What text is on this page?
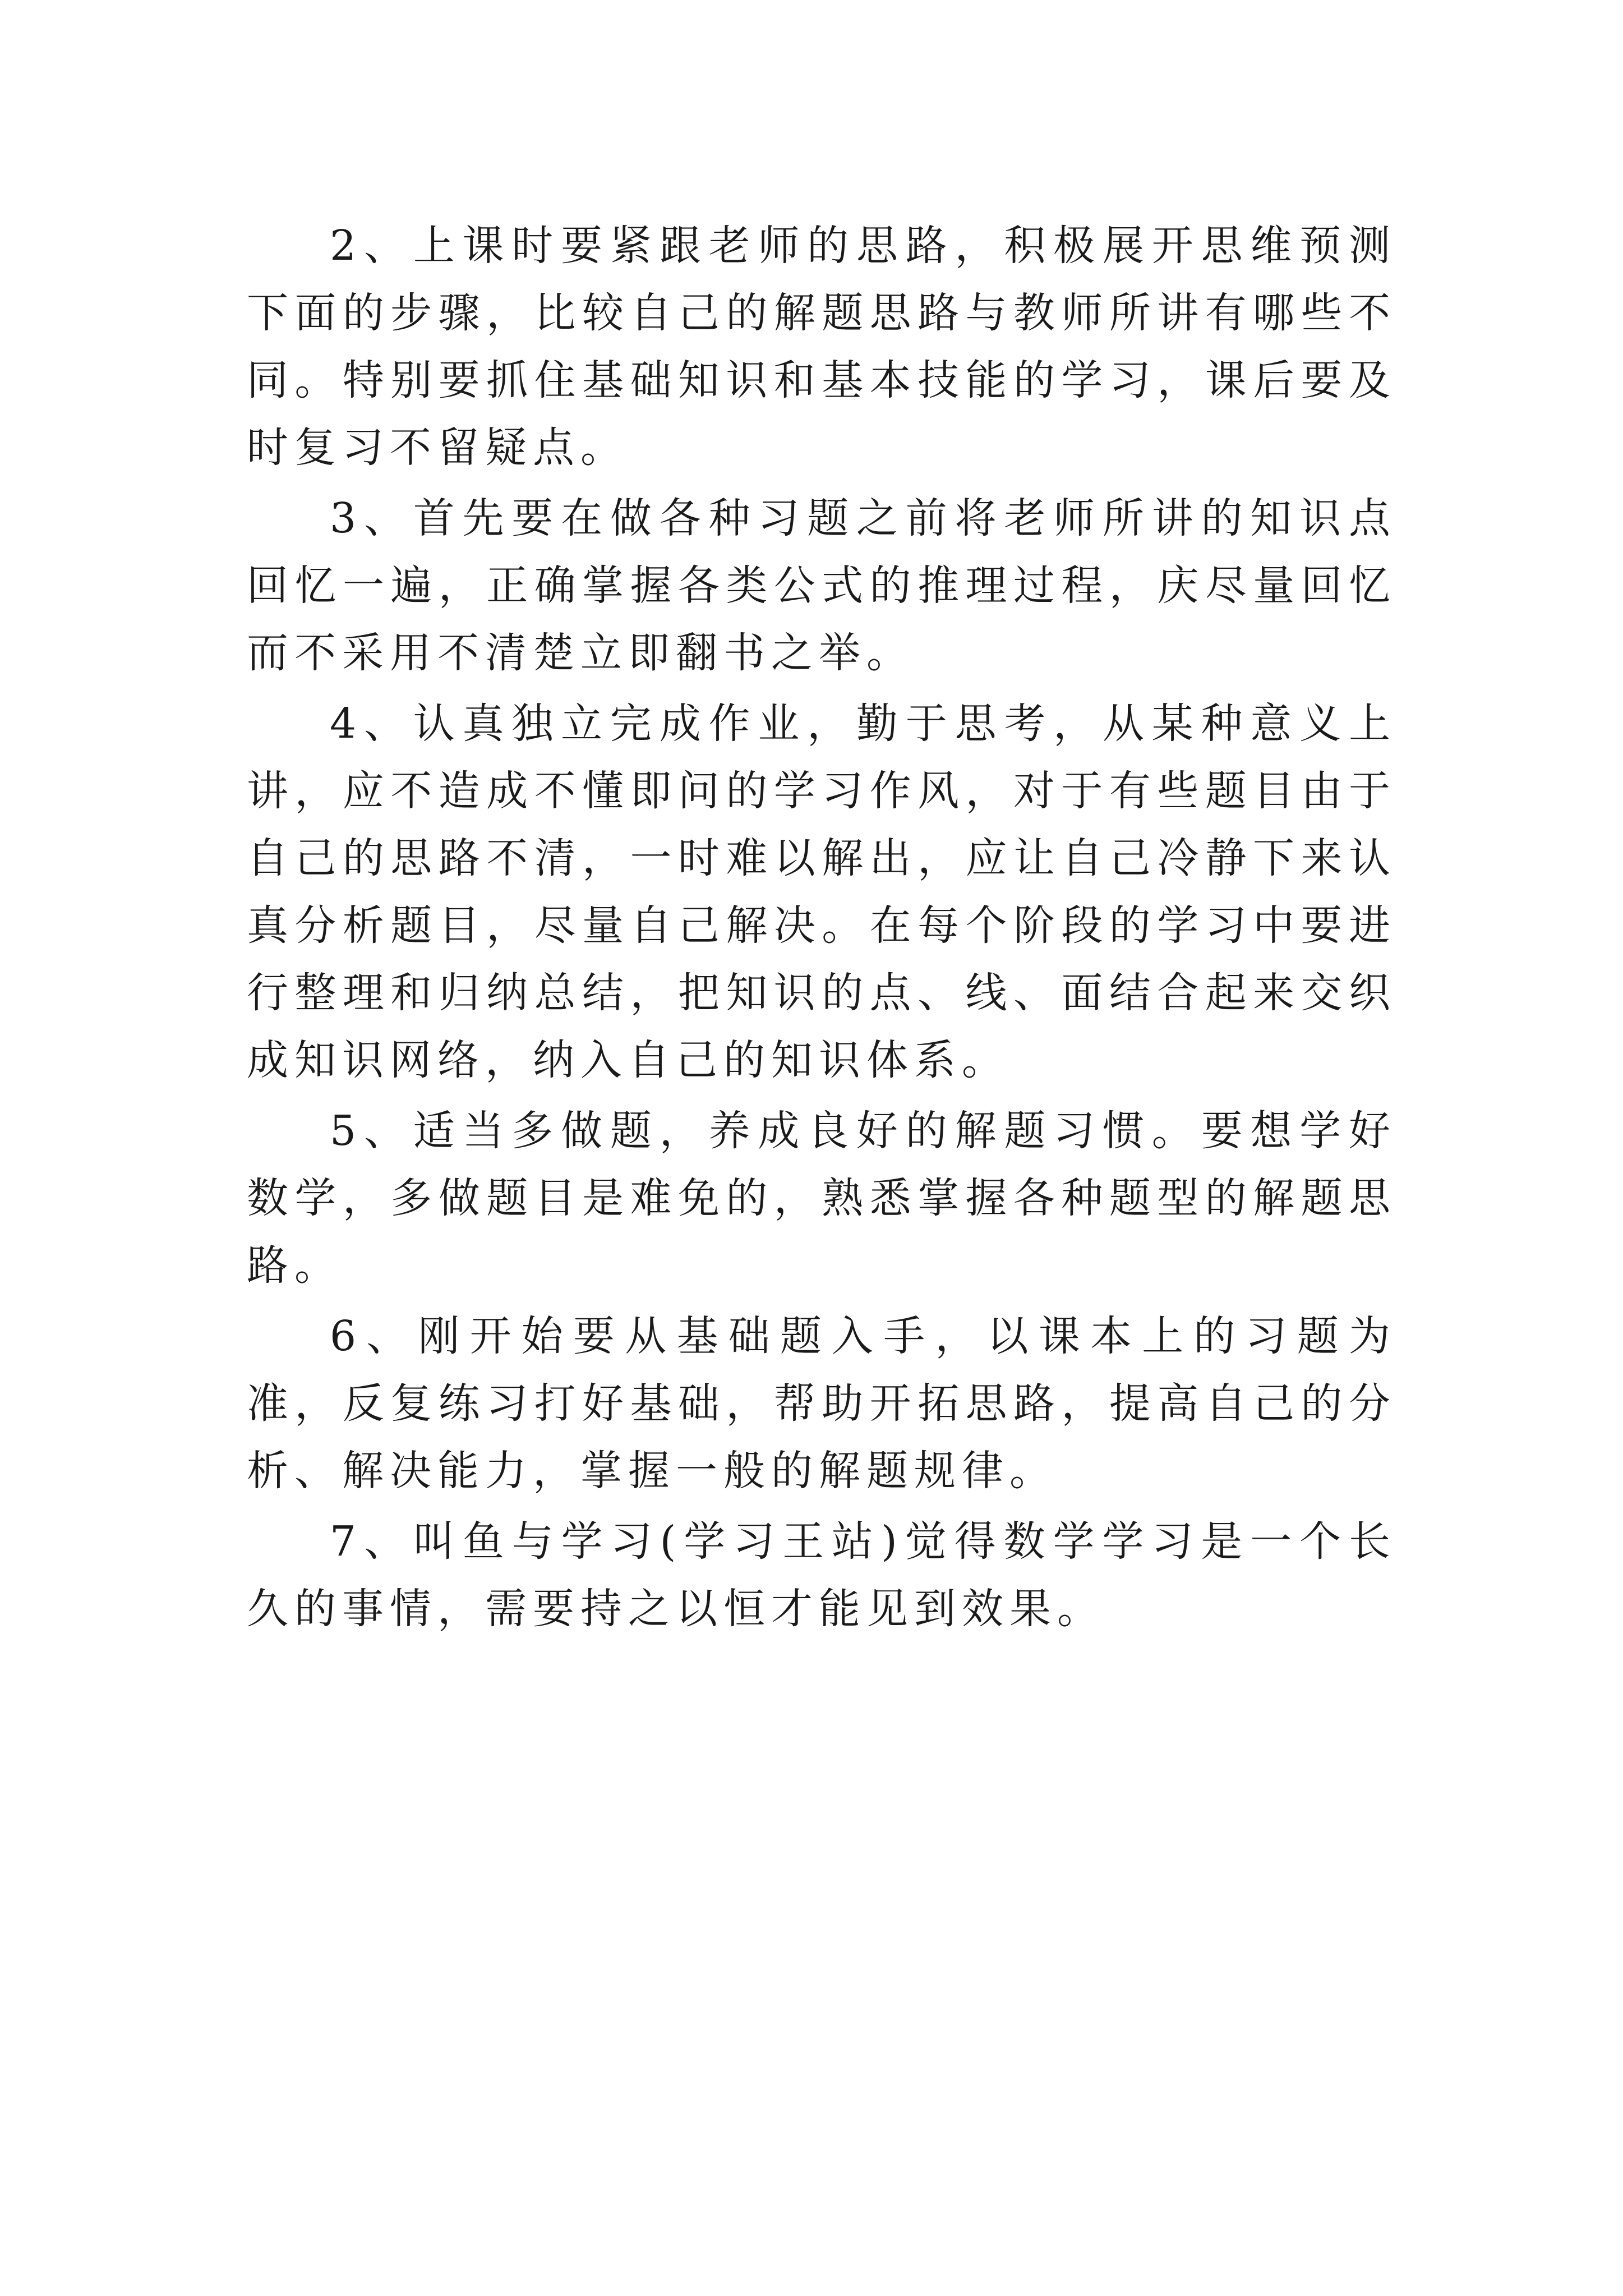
2、上课时要紧跟老师的思路，积极展开思维预测下面的步骤，比较自己的解题思路与教师所讲有哪些不同。特别要抓住基础知识和基本技能的学习，课后要及时复习不留疑点。

3、首先要在做各种习题之前将老师所讲的知识点回忆一遍，正确掌握各类公式的推理过程，庆尽量回忆而不采用不清楚立即翻书之举。

4、认真独立完成作业，勤于思考，从某种意义上讲，应不造成不懂即问的学习作风，对于有些题目由于自己的思路不清，一时难以解出，应让自己冷静下来认真分析题目，尽量自己解决。在每个阶段的学习中要进行整理和归纳总结，把知识的点、线、面结合起来交织成知识网络，纳入自己的知识体系。

5、适当多做题，养成良好的解题习惯。要想学好数学，多做题目是难免的，熟悉掌握各种题型的解题思路。

6、刚开始要从基础题入手，以课本上的习题为准，反复练习打好基础，帮助开拓思路，提高自己的分析、解决能力，掌握一般的解题规律。

7、叫鱼与学习(学习王站)觉得数学学习是一个长久的事情，需要持之以恒才能见到效果。
